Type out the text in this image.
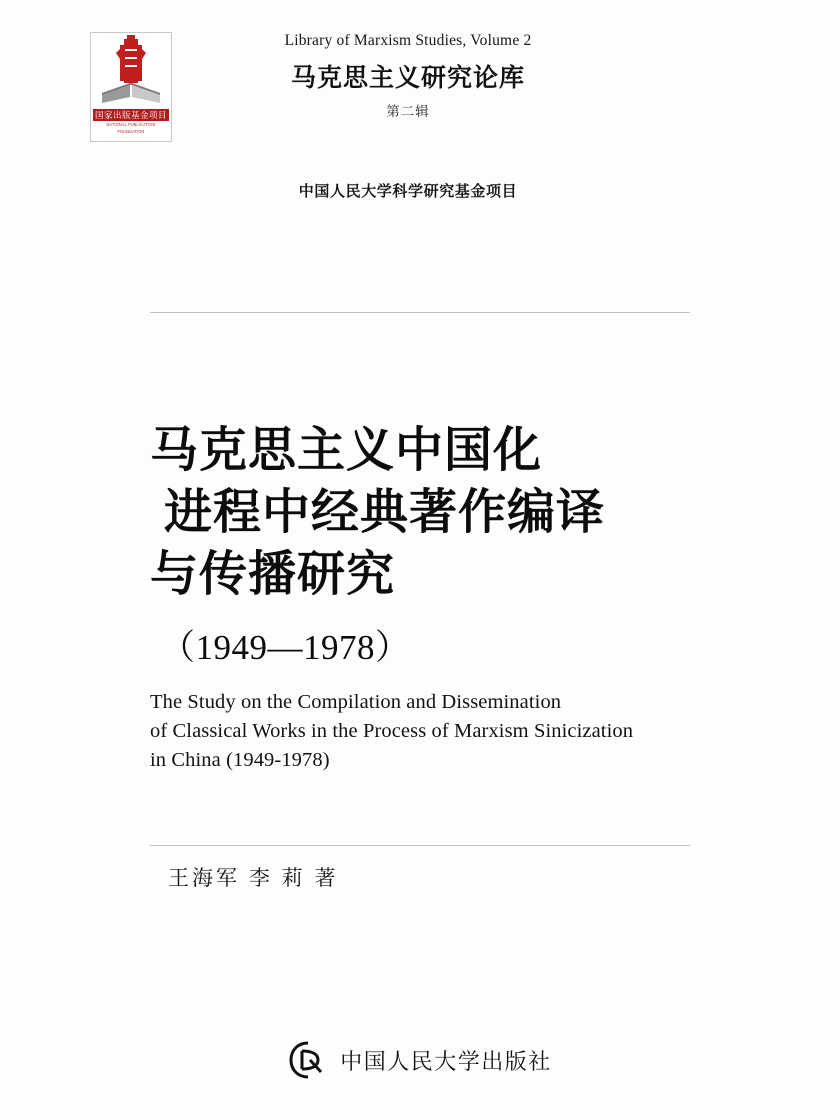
国家出版基金项目
NATIONAL PUBLICATION FOUNDATION

Library of Marxism Studies, Volume 2

马克思主义研究论库

第二辑

中国人民大学科学研究基金项目
马克思主义中国化
进程中经典著作编译
与传播研究
（1949—1978）
The Study on the Compilation and Dissemination
of Classical Works in the Process of Marxism Sinicization
in China (1949-1978)
王海军 李 莉 著
中国人民大学出版社
